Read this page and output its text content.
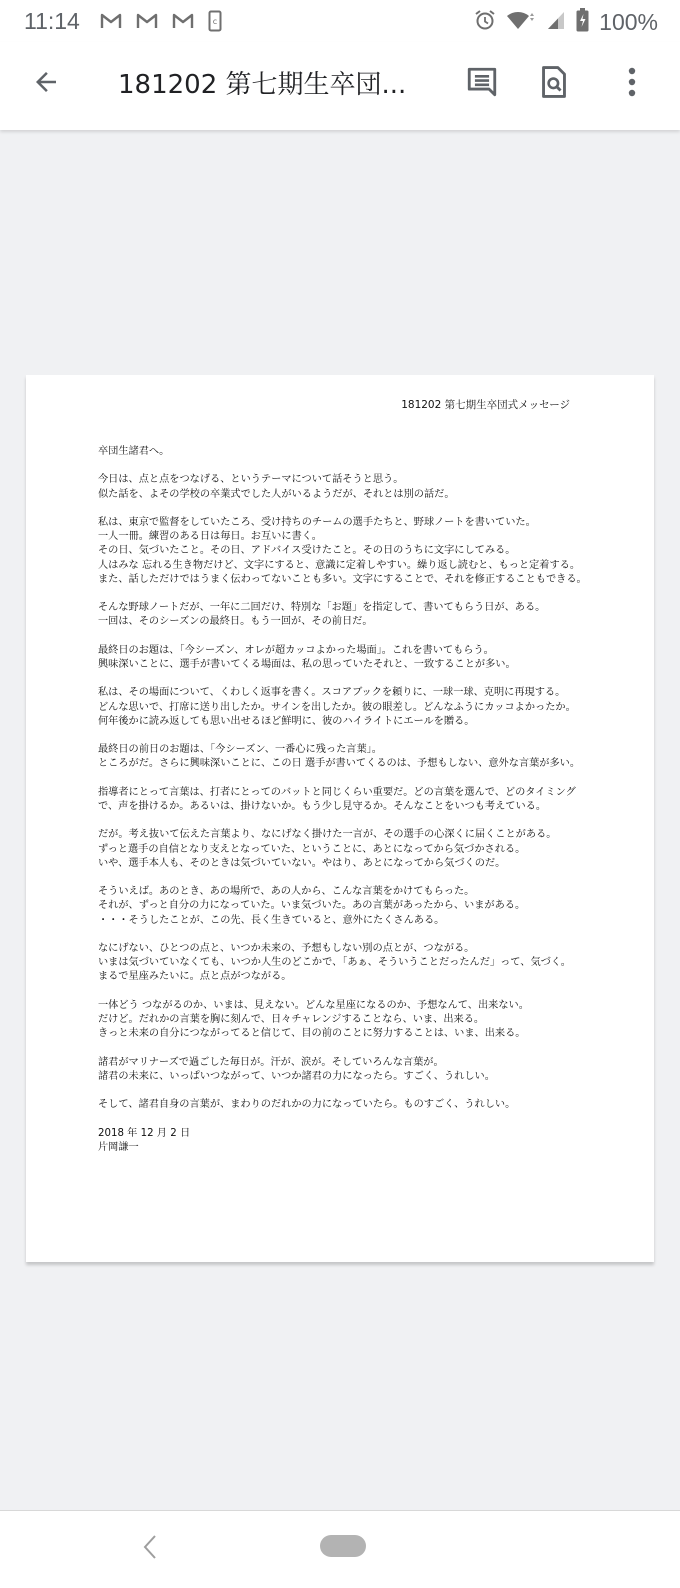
11:14	c	100%
181202 第七期生卒団...
181202 第七期生卒団式メッセージ
卒団生諸君へ。
今日は、点と点をつなげる、というテーマについて話そうと思う。
似た話を、よその学校の卒業式でした人がいるようだが、それとは別の話だ。
私は、東京で監督をしていたころ、受け持ちのチームの選手たちと、野球ノートを書いていた。
一人一冊。練習のある日は毎日。お互いに書く。
その日、気づいたこと。その日、アドバイス受けたこと。その日のうちに文字にしてみる。
人はみな 忘れる生き物だけど、文字にすると、意識に定着しやすい。繰り返し読むと、もっと定着する。
また、話しただけではうまく伝わってないことも多い。文字にすることで、それを修正することもできる。
そんな野球ノートだが、一年に二回だけ、特別な「お題」を指定して、書いてもらう日が、ある。
一回は、そのシーズンの最終日。もう一回が、その前日だ。
最終日のお題は、「今シーズン、オレが超カッコよかった場面」。これを書いてもらう。
興味深いことに、選手が書いてくる場面は、私の思っていたそれと、一致することが多い。
私は、その場面について、くわしく返事を書く。スコアブックを頼りに、一球一球、克明に再現する。
どんな思いで、打席に送り出したか。サインを出したか。彼の眼差し。どんなふうにカッコよかったか。
何年後かに読み返しても思い出せるほど鮮明に、彼のハイライトにエールを贈る。
最終日の前日のお題は、「今シーズン、一番心に残った言葉」。
ところがだ。さらに興味深いことに、この日 選手が書いてくるのは、予想もしない、意外な言葉が多い。
指導者にとって言葉は、打者にとってのバットと同じくらい重要だ。どの言葉を選んで、どのタイミング
で、声を掛けるか。あるいは、掛けないか。もう少し見守るか。そんなことをいつも考えている。
だが。考え抜いて伝えた言葉より、なにげなく掛けた一言が、その選手の心深くに届くことがある。
ずっと選手の自信となり支えとなっていた、ということに、あとになってから気づかされる。
いや、選手本人も、そのときは気づいていない。やはり、あとになってから気づくのだ。
そういえば。あのとき、あの場所で、あの人から、こんな言葉をかけてもらった。
それが、ずっと自分の力になっていた。いま気づいた。あの言葉があったから、いまがある。
・・・そうしたことが、この先、長く生きていると、意外にたくさんある。
なにげない、ひとつの点と、いつか未来の、予想もしない別の点とが、つながる。
いまは気づいていなくても、いつか人生のどこかで、「あぁ、そういうことだったんだ」って、気づく。
まるで星座みたいに。点と点がつながる。
一体どう つながるのか、いまは、見えない。どんな星座になるのか、予想なんて、出来ない。
だけど。だれかの言葉を胸に刻んで、日々チャレンジすることなら、いま、出来る。
きっと未来の自分につながってると信じて、目の前のことに努力することは、いま、出来る。
諸君がマリナーズで過ごした毎日が。汗が、涙が。そしていろんな言葉が。
諸君の未来に、いっぱいつながって、いつか諸君の力になったら。すごく、うれしい。
そして、諸君自身の言葉が、まわりのだれかの力になっていたら。ものすごく、うれしい。
2018 年 12 月 2 日
片岡謙一
